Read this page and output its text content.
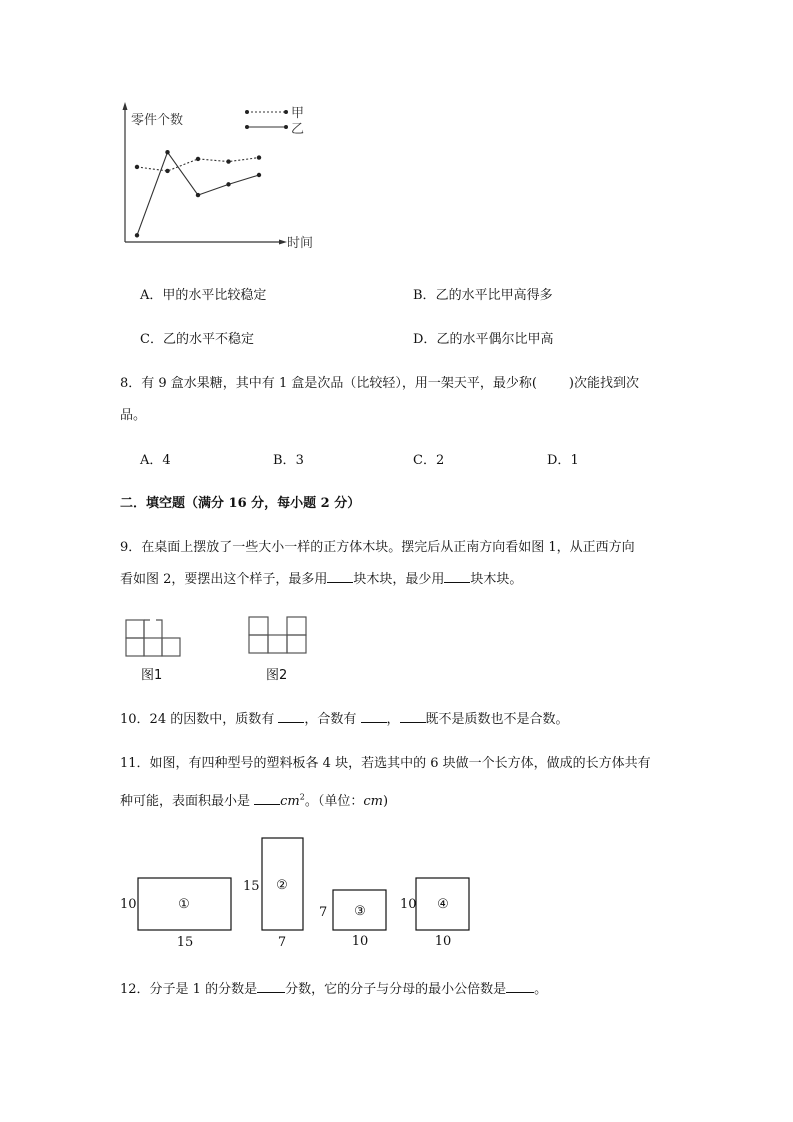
零件个数
时间
甲
乙
A．甲的水平比较稳定	B．乙的水平比甲高得多
C．乙的水平不稳定	D．乙的水平偶尔比甲高
8．有 9 盒水果糖，其中有 1 盒是次品（比较轻），用一架天平，最少称( )次能找到次
品。
A．4	B．3	C．2	D．1
二．填空题（满分 16 分，每小题 2 分）
9．在桌面上摆放了一些大小一样的正方体木块。摆完后从正南方向看如图 1，从正西方向
看如图 2，要摆出这个样子，最多用 块木块，最少用 块木块。
图1	图2
10．24 的因数中，质数有 ，合数有 ， 既不是质数也不是合数。
11．如图，有四种型号的塑料板各 4 块，若选其中的 6 块做一个长方体，做成的长方体共有
种可能，表面积最小是 $cm^2$。（单位：cm)
①
10
15
②
15
7
③
7
10
④
10
10
12．分子是 1 的分数是 分数，它的分子与分母的最小公倍数是 。
